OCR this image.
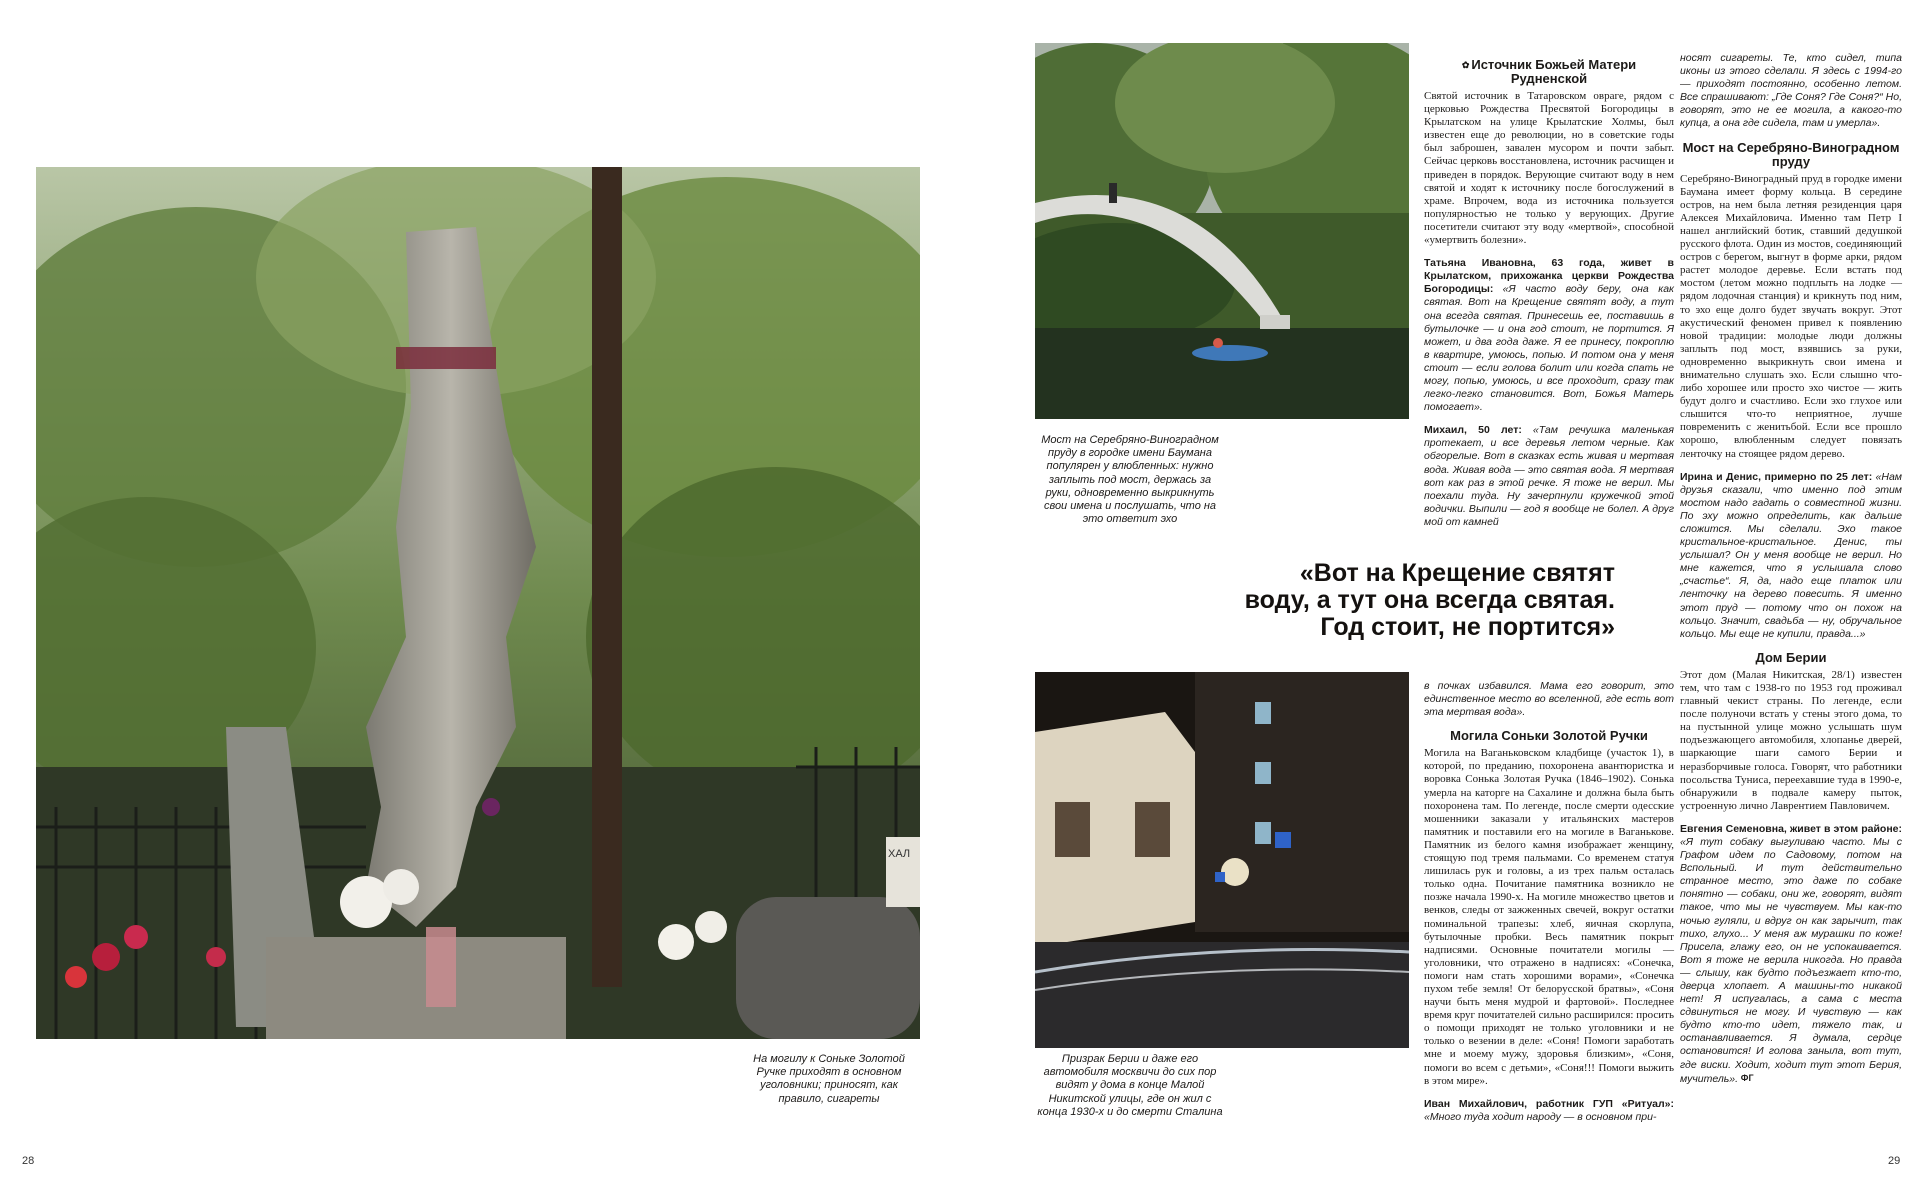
ХАЛ
На могилу к Соньке Золотой Ручке приходят в основном уголовники; приносят, как правило, сигареты
28
Мост на Серебряно-Виноградном пруду в городке имени Баумана популярен у влюбленных: нужно заплыть под мост, держась за руки, одновременно выкрикнуть свои имена и послушать, что на это ответит эхо
Призрак Берии и даже его автомобиля москвичи до сих пор видят у дома в конце Малой Никитской улицы, где он жил с конца 1930-х и до смерти Сталина
«Вот на Крещение святят воду, а тут она всегда святая. Год стоит, не портится»
✿ Источник Божьей Матери Рудненской

Святой источник в Татаровском овраге, рядом с церковью Рождества Пресвятой Богородицы в Крылатском на улице Крылатские Холмы, был известен еще до революции, но в советские годы был заброшен, завален мусором и почти забыт. Сейчас церковь восстановлена, источник расчищен и приведен в порядок. Верующие считают воду в нем святой и ходят к источнику после богослужений в храме. Впрочем, вода из источника пользуется популярностью не только у верующих. Другие посетители считают эту воду «мертвой», способной «умертвить болезни».

Татьяна Ивановна, 63 года, живет в Крылатском, прихожанка церкви Рождества Богородицы: «Я часто воду беру, она как святая. Вот на Крещение святят воду, а тут она всегда святая. Принесешь ее, поставишь в бутылочке — и она год стоит, не портится. Я может, и два года даже. Я ее принесу, покроплю в квартире, умоюсь, попью. И потом она у меня стоит — если голова болит или когда спать не могу, попью, умоюсь, и все проходит, сразу так легко-легко становится. Вот, Божья Матерь помогает».

Михаил, 50 лет: «Там речушка маленькая протекает, и все деревья летом черные. Как обгорелые. Вот в сказках есть живая и мертвая вода. Живая вода — это святая вода. Я мертвая вот как раз в этой речке. Я тоже не верил. Мы поехали туда. Ну зачерпнули кружечкой этой водички. Выпили — год я вообще не болел. А друг мой от камней

в почках избавился. Мама его говорит, это единственное место во вселенной, где есть вот эта мертвая вода».

Могила Соньки Золотой Ручки

Могила на Ваганьковском кладбище (участок 1), в которой, по преданию, похоронена авантюристка и воровка Сонька Золотая Ручка (1846–1902). Сонька умерла на каторге на Сахалине и должна была быть похоронена там. По легенде, после смерти одесские мошенники заказали у итальянских мастеров памятник и поставили его на могиле в Ваганькове. Памятник из белого камня изображает женщину, стоящую под тремя пальмами. Со временем статуя лишилась рук и головы, а из трех пальм осталась только одна. Почитание памятника возникло не позже начала 1990-х. На могиле множество цветов и венков, следы от зажженных свечей, вокруг остатки поминальной трапезы: хлеб, яичная скорлупа, бутылочные пробки. Весь памятник покрыт надписями. Основные почитатели могилы — уголовники, что отражено в надписях: «Сонечка, помоги нам стать хорошими ворами», «Сонечка пухом тебе земля! От белорусской братвы», «Соня научи быть меня мудрой и фартовой». Последнее время круг почитателей сильно расширился: просить о помощи приходят не только уголовники и не только о везении в деле: «Соня! Помоги заработать мне и моему мужу, здоровья близким», «Соня, помоги во всем с детьми», «Соня!!! Помоги выжить в этом мире».

Иван Михайлович, работник ГУП «Ритуал»: «Много туда ходит народу — в основном при-

носят сигареты. Те, кто сидел, типа иконы из этого сделали. Я здесь с 1994-го — приходят постоянно, особенно летом. Все спрашивают: „Где Соня? Где Соня?“ Но, говорят, это не ее могила, а какого-то купца, а она где сидела, там и умерла».

Мост на Серебряно-Виноградном пруду

Серебряно-Виноградный пруд в городке имени Баумана имеет форму кольца. В середине остров, на нем была летняя резиденция царя Алексея Михайловича. Именно там Петр I нашел английский ботик, ставший дедушкой русского флота. Один из мостов, соединяющий остров с берегом, выгнут в форме арки, рядом растет молодое деревье. Если встать под мостом (летом можно подплыть на лодке — рядом лодочная станция) и крикнуть под ним, то эхо еще долго будет звучать вокруг. Этот акустический феномен привел к появлению новой традиции: молодые люди должны заплыть под мост, взявшись за руки, одновременно выкрикнуть свои имена и внимательно слушать эхо. Если слышно что-либо хорошее или просто эхо чистое — жить будут долго и счастливо. Если эхо глухое или слышится что-то неприятное, лучше повременить с женитьбой. Если все прошло хорошо, влюбленным следует повязать ленточку на стоящее рядом дерево.

Ирина и Денис, примерно по 25 лет: «Нам друзья сказали, что именно под этим мостом надо гадать о совместной жизни. По эху можно определить, как дальше сложится. Мы сделали. Эхо такое кристальное-кристальное. Денис, ты услышал? Он у меня вообще не верил. Но мне кажется, что я услышала слово „счастье“. Я, да, надо еще платок или ленточку на дерево повесить. Я именно этот пруд — потому что он похож на кольцо. Значит, свадьба — ну, обручальное кольцо. Мы еще не купили, правда...»

Дом Берии

Этот дом (Малая Никитская, 28/1) известен тем, что там с 1938-го по 1953 год проживал главный чекист страны. По легенде, если после полуночи встать у стены этого дома, то на пустынной улице можно услышать шум подъезжающего автомобиля, хлопанье дверей, шаркающие шаги самого Берии и неразборчивые голоса. Говорят, что работники посольства Туниса, переехавшие туда в 1990-е, обнаружили в подвале камеру пыток, устроенную лично Лаврентием Павловичем.

Евгения Семеновна, живет в этом районе: «Я тут собаку выгуливаю часто. Мы с Графом идем по Садовому, потом на Вспольный. И тут действительно странное место, это даже по собаке понятно — собаки, они же, говорят, видят такое, что мы не чувствуем. Мы как-то ночью гуляли, и вдруг он как зарычит, так тихо, глухо... У меня аж мурашки по коже! Присела, глажу его, он не успокаивается. Вот я тоже не верила никогда. Но правда — слышу, как будто подъезжает кто-то, дверца хлопает. А машины-то никакой нет! Я испугалась, а сама с места сдвинуться не могу. И чувствую — как будто кто-то идет, тяжело так, и останавливается. Я думала, сердце остановится! И голова заныла, вот тут, где виски. Ходит, ходит тут этот Берия, мучитель». ФГ

29
